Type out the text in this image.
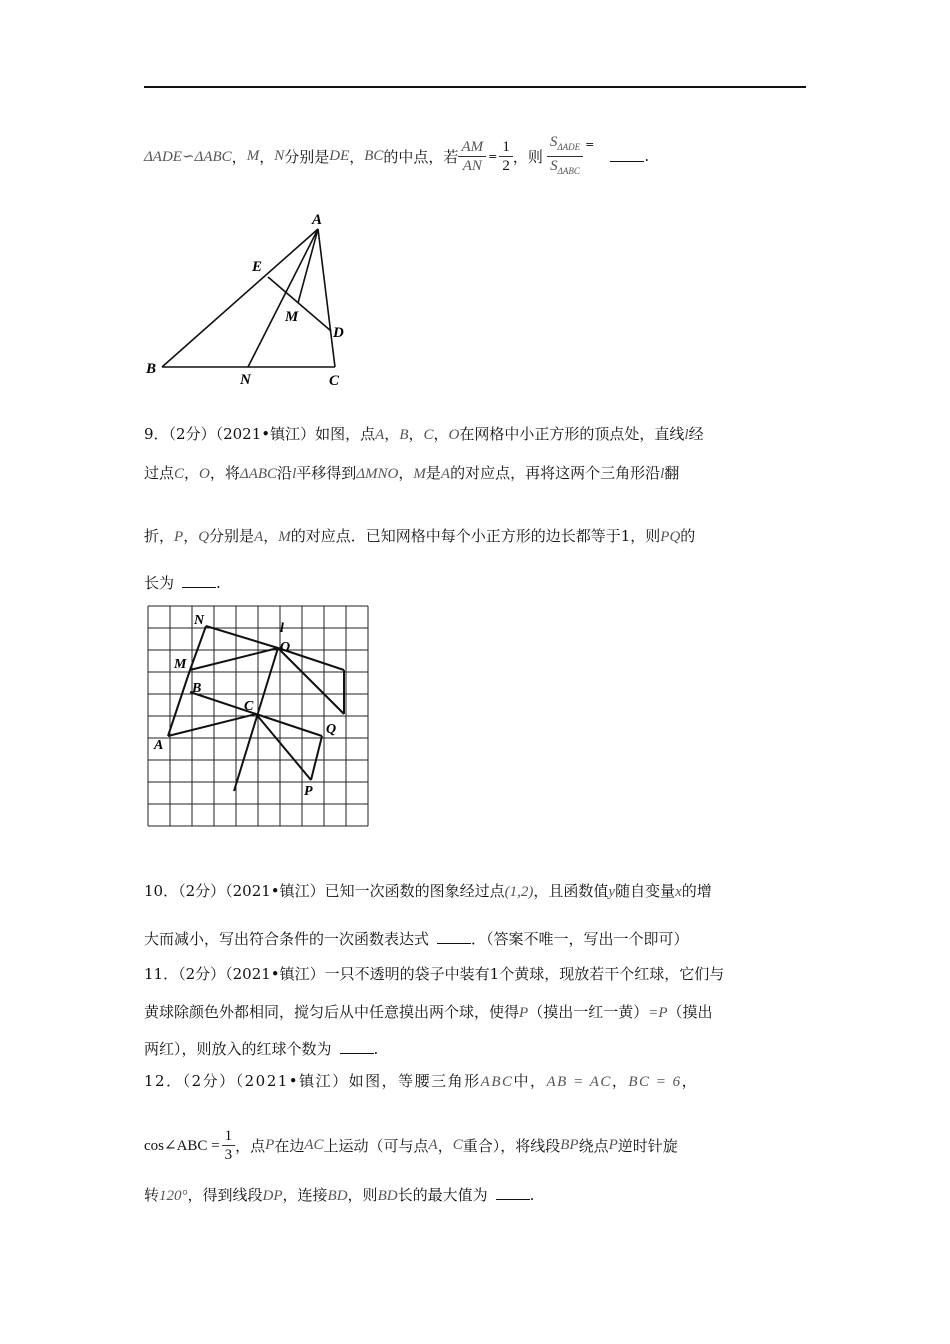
ΔADE∽ΔABC ， M ， N 分别是 DE ， BC 的中点，若 $\frac{AM}{AN} = \frac{1}{2}$ ，则 $\frac{S_{\Delta ADE}}{S_{\Delta ABC}}$ =
.
A
E
M
D
B
N	C
9．（2分）（2021•镇江）如图，点A，B，C，O在网格中小正方形的顶点处，直线l经
过点C，O，将ΔABC沿l平移得到ΔMNO，M是A的对应点，再将这两个三角形沿l翻
折，P，Q分别是A，M的对应点．已知网格中每个小正方形的边长都等于1，则PQ的
长为	.
N
l
O
M
B
C
Q
A
P
10．（2分）（2021•镇江）已知一次函数的图象经过点(1,2)，且函数值y随自变量x的增
大而减小，写出符合条件的一次函数表达式	．（答案不唯一，写出一个即可）
11．（2分）（2021•镇江）一只不透明的袋子中装有1个黄球，现放若干个红球，它们与
黄球除颜色外都相同，搅匀后从中任意摸出两个球，使得P（摸出一红一黄）=P（摸出
两红），则放入的红球个数为	.
12．（2分）（2021•镇江）如图，等腰三角形ABC中，AB = AC，BC = 6，
cos∠ABC = $\frac{1}{3}$ ，点 P 在边 AC 上运动（可与点 A ， C 重合），将线段 BP 绕点 P 逆时针旋
转120°，得到线段DP，连接BD，则BD长的最大值为	.
